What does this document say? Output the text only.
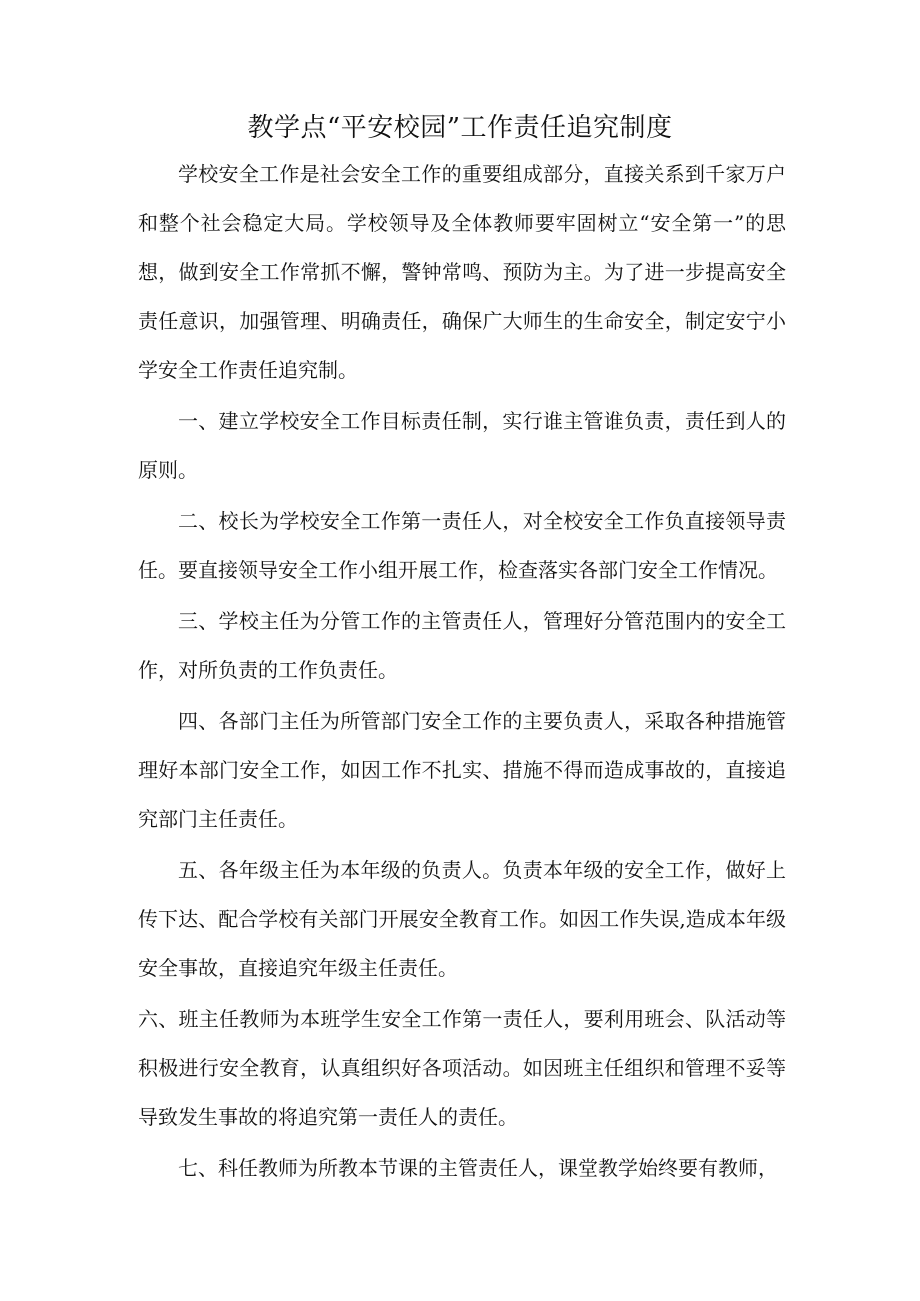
教学点“平安校园”工作责任追究制度

学校安全工作是社会安全工作的重要组成部分，直接关系到千家万户和整个社会稳定大局。学校领导及全体教师要牢固树立“安全第一”的思想，做到安全工作常抓不懈，警钟常鸣、预防为主。为了进一步提高安全责任意识，加强管理、明确责任，确保广大师生的生命安全，制定安宁小学安全工作责任追究制。

一、建立学校安全工作目标责任制，实行谁主管谁负责，责任到人的原则。

二、校长为学校安全工作第一责任人，对全校安全工作负直接领导责任。要直接领导安全工作小组开展工作，检查落实各部门安全工作情况。

三、学校主任为分管工作的主管责任人，管理好分管范围内的安全工作，对所负责的工作负责任。

四、各部门主任为所管部门安全工作的主要负责人，采取各种措施管理好本部门安全工作，如因工作不扎实、措施不得而造成事故的，直接追究部门主任责任。

五、各年级主任为本年级的负责人。负责本年级的安全工作，做好上传下达、配合学校有关部门开展安全教育工作。如因工作失误,造成本年级安全事故，直接追究年级主任责任。

六、班主任教师为本班学生安全工作第一责任人，要利用班会、队活动等积极进行安全教育，认真组织好各项活动。如因班主任组织和管理不妥等导致发生事故的将追究第一责任人的责任。

七、科任教师为所教本节课的主管责任人，课堂教学始终要有教师，
